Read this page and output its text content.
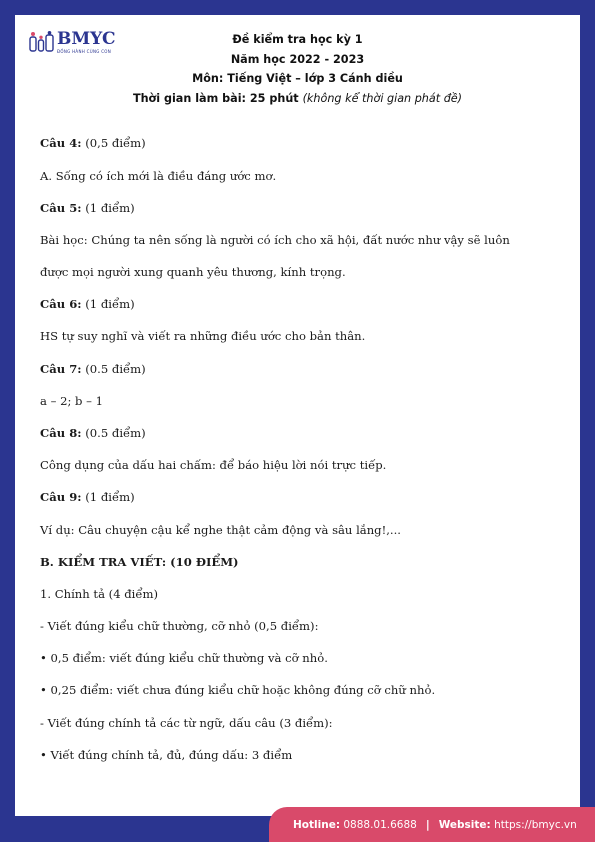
BMYC
ĐỒNG HÀNH CÙNG CON
Đề kiểm tra học kỳ 1
Năm học 2022 - 2023
Môn: Tiếng Việt – lớp 3 Cánh diều
Thời gian làm bài: 25 phút (không kể thời gian phát đề)
Câu 4: (0,5 điểm)
A. Sống có ích mới là điều đáng ước mơ.
Câu 5: (1 điểm)
Bài học: Chúng ta nên sống là người có ích cho xã hội, đất nước như vậy sẽ luôn
được mọi người xung quanh yêu thương, kính trọng.
Câu 6: (1 điểm)
HS tự suy nghĩ và viết ra những điều ước cho bản thân.
Câu 7: (0.5 điểm)
a – 2; b – 1
Câu 8: (0.5 điểm)
Công dụng của dấu hai chấm: để báo hiệu lời nói trực tiếp.
Câu 9: (1 điểm)
Ví dụ: Câu chuyện cậu kể nghe thật cảm động và sâu lắng!,...
B. KIỂM TRA VIẾT: (10 ĐIỂM)
1. Chính tả (4 điểm)
- Viết đúng kiểu chữ thường, cỡ nhỏ (0,5 điểm):
• 0,5 điểm: viết đúng kiểu chữ thường và cỡ nhỏ.
• 0,25 điểm: viết chưa đúng kiểu chữ hoặc không đúng cỡ chữ nhỏ.
- Viết đúng chính tả các từ ngữ, dấu câu (3 điểm):
• Viết đúng chính tả, đủ, đúng dấu: 3 điểm
Hotline:
0888.01.6688 | Website:
https://bmyc.vn
